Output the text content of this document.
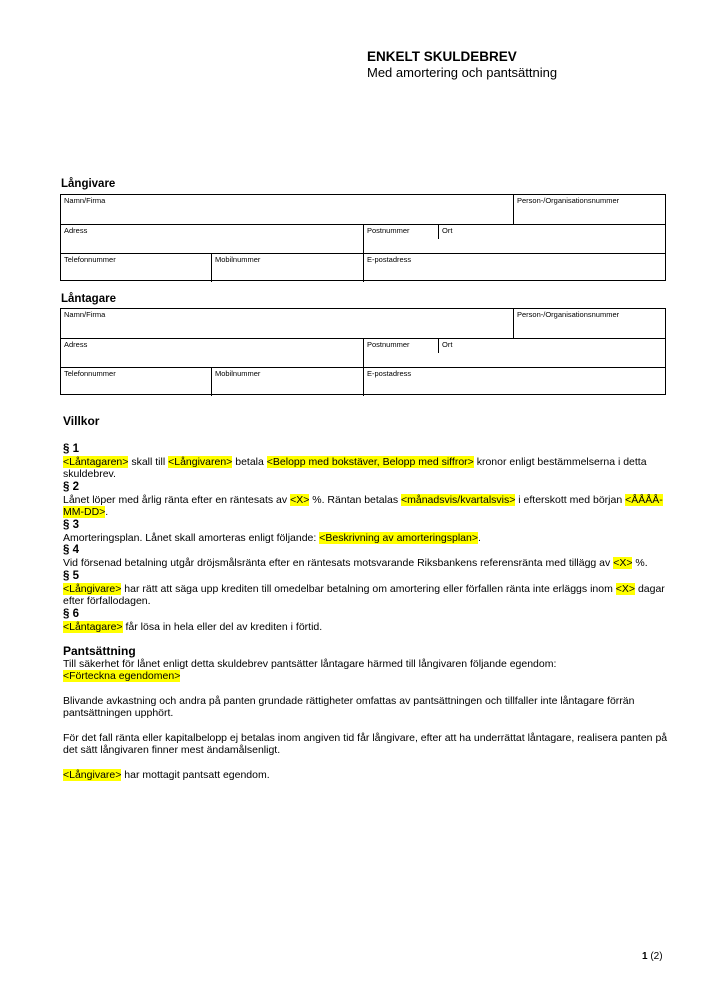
ENKELT SKULDEBREV
Med amortering och pantsättning
Långivare
Namn/Firma	Person-/Organisationsnummer
Adress	Postnummer	Ort
Telefonnummer	Mobilnummer	E-postadress
Låntagare
Namn/Firma	Person-/Organisationsnummer
Adress	Postnummer	Ort
Telefonnummer	Mobilnummer	E-postadress
Villkor
§ 1
<Låntagaren> skall till <Långivaren> betala <Belopp med bokstäver, Belopp med siffror> kronor enligt bestämmelserna i detta skuldebrev.
§ 2
Lånet löper med årlig ränta efter en räntesats av <X> %. Räntan betalas <månadsvis/kvartalsvis> i efterskott med början <ÅÅÅÅ-MM-DD>.
§ 3
Amorteringsplan. Lånet skall amorteras enligt följande: <Beskrivning av amorteringsplan>.
§ 4
Vid försenad betalning utgår dröjsmålsränta efter en räntesats motsvarande Riksbankens referensränta med tillägg av <X> %.
§ 5
<Långivare> har rätt att säga upp krediten till omedelbar betalning om amortering eller förfallen ränta inte erläggs inom <X> dagar efter förfallodagen.
§ 6
<Låntagare> får lösa in hela eller del av krediten i förtid.
Pantsättning
Till säkerhet för lånet enligt detta skuldebrev pantsätter låntagare härmed till långivaren följande egendom:
<Förteckna egendomen>
Blivande avkastning och andra på panten grundade rättigheter omfattas av pantsättningen och tillfaller inte låntagare förrän pantsättningen upphört.
För det fall ränta eller kapitalbelopp ej betalas inom angiven tid får långivare, efter att ha underrättat låntagare, realisera panten på det sätt långivaren finner mest ändamålsenligt.
<Långivare> har mottagit pantsatt egendom.
1 (2)
